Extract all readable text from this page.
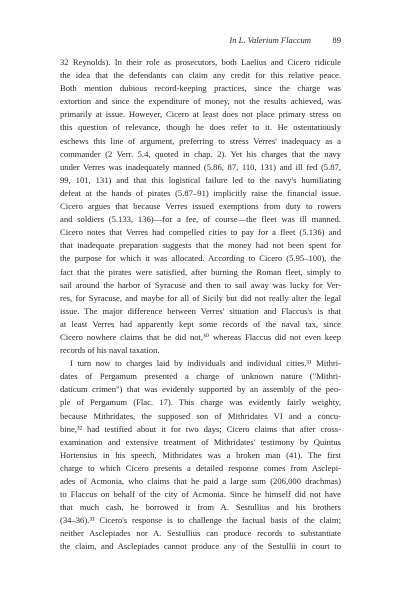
In L. Valerium Flaccum 89
32 Reynolds). In their role as prosecutors, both Laelius and Cicero ridicule
the idea that the defendants can claim any credit for this relative peace.
Both mention dubious record-keeping practices, since the charge was
extortion and since the expenditure of money, not the results achieved, was
primarily at issue. However, Cicero at least does not place primary stress on
this question of relevance, though he does refer to it. He ostentatiously
eschews this line of argument, preferring to stress Verres' inadequacy as a
commander (2 Verr. 5.4, quoted in chap. 2). Yet his charges that the navy
under Verres was inadequately manned (5.86, 87, 110, 131) and ill fed (5.87,
99, 101, 131) and that this logistical failure led to the navy's humiliating
defeat at the hands of pirates (5.87–91) implicitly raise the financial issue.
Cicero argues that because Verres issued exemptions from duty to rowers
and soldiers (5.133, 136)—for a fee, of course—the fleet was ill manned.
Cicero notes that Verres had compelled cities to pay for a fleet (5.136) and
that inadequate preparation suggests that the money had not been spent for
the purpose for which it was allocated. According to Cicero (5.95–100), the
fact that the pirates were satisfied, after burning the Roman fleet, simply to
sail around the harbor of Syracuse and then to sail away was lucky for Ver-
res, for Syracuse, and maybe for all of Sicily but did not really alter the legal
issue. The major difference between Verres' situation and Flaccus's is that
at least Verres had apparently kept some records of the naval tax, since
Cicero nowhere claims that he did not,³⁰ whereas Flaccus did not even keep
records of his naval taxation.
I turn now to charges laid by individuals and individual cities.³¹ Mithri-
dates of Pergamum presented a charge of unknown nature ("Mithri-
daticum crimen") that was evidently supported by an assembly of the peo-
ple of Pergamum (Flac. 17). This charge was evidently fairly weighty,
because Mithridates, the supposed son of Mithridates VI and a concu-
bine,³² had testified about it for two days; Cicero claims that after cross-
examination and extensive treatment of Mithridates' testimony by Quintus
Hortensius in his speech, Mithridates was a broken man (41). The first
charge to which Cicero presents a detailed response comes from Asclepi-
ades of Acmonia, who claims that he paid a large sum (206,000 drachmas)
to Flaccus on behalf of the city of Acmonia. Since he himself did not have
that much cash, he borrowed it from A. Sestullius and his brothers
(34–36).³³ Cicero's response is to challenge the factual basis of the claim;
neither Asclepiades nor A. Sestullius can produce records to substantiate
the claim, and Asclepiades cannot produce any of the Sestullii in court to
